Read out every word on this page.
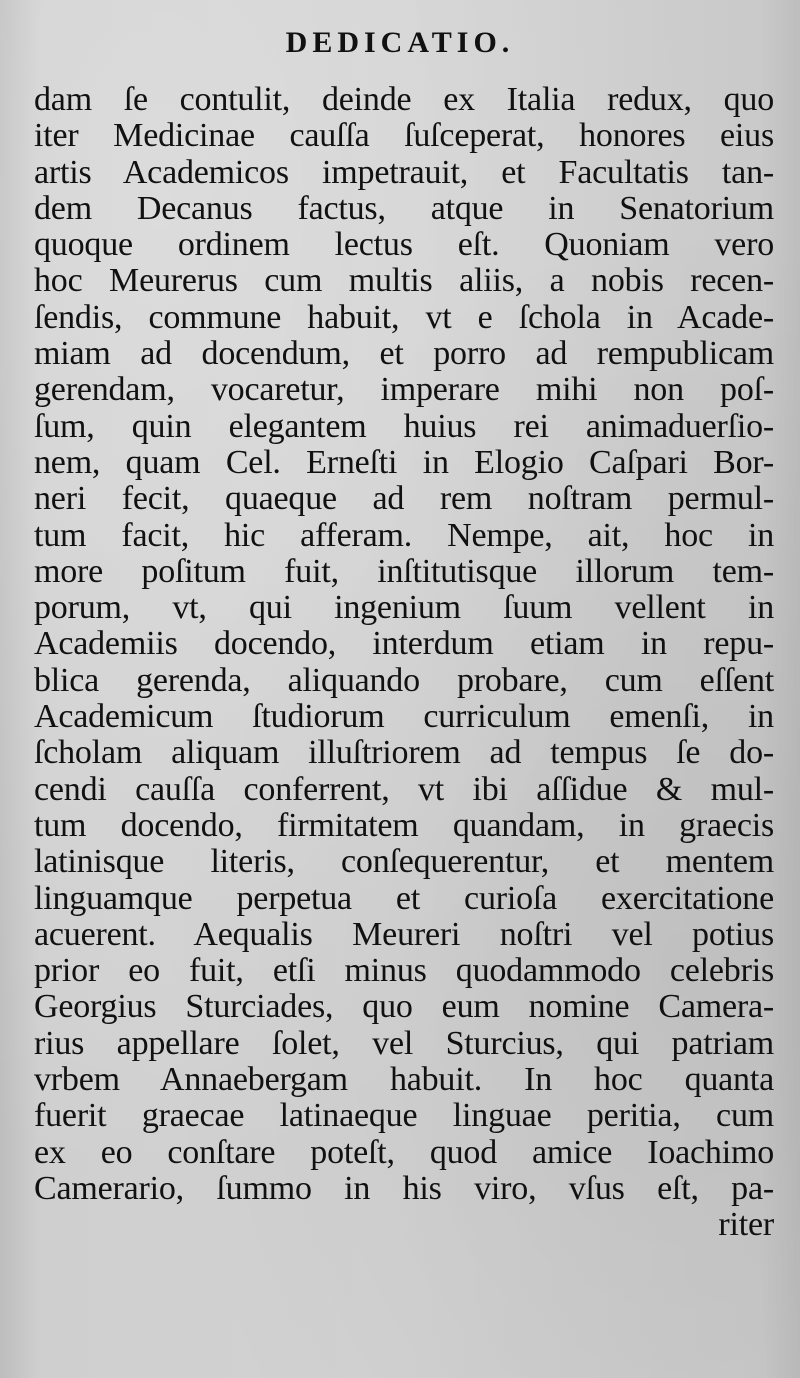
DEDICATIO.
dam ſe contulit, deinde ex Italia redux, quo
iter Medicinae cauſſa ſuſceperat, honores eius
artis Academicos impetrauit, et Facultatis tan-
dem Decanus factus, atque in Senatorium
quoque ordinem lectus eſt. Quoniam vero
hoc Meurerus cum multis aliis, a nobis recen-
ſendis, commune habuit, vt e ſchola in Acade-
miam ad docendum, et porro ad rempublicam
gerendam, vocaretur, imperare mihi non poſ-
ſum, quin elegantem huius rei animaduerſio-
nem, quam Cel. Erneſti in Elogio Caſpari Bor-
neri fecit, quaeque ad rem noſtram permul-
tum facit, hic afferam. Nempe, ait, hoc in
more poſitum fuit, inſtitutisque illorum tem-
porum, vt, qui ingenium ſuum vellent in
Academiis docendo, interdum etiam in repu-
blica gerenda, aliquando probare, cum eſſent
Academicum ſtudiorum curriculum emenſi, in
ſcholam aliquam illuſtriorem ad tempus ſe do-
cendi cauſſa conferrent, vt ibi aſſidue & mul-
tum docendo, firmitatem quandam, in graecis
latinisque literis, conſequerentur, et mentem
linguamque perpetua et curioſa exercitatione
acuerent. Aequalis Meureri noſtri vel potius
prior eo fuit, etſi minus quodammodo celebris
Georgius Sturciades, quo eum nomine Camera-
rius appellare ſolet, vel Sturcius, qui patriam
vrbem Annaebergam habuit. In hoc quanta
fuerit graecae latinaeque linguae peritia, cum
ex eo conſtare poteſt, quod amice Ioachimo
Camerario, ſummo in his viro, vſus eſt, pa-
riter
